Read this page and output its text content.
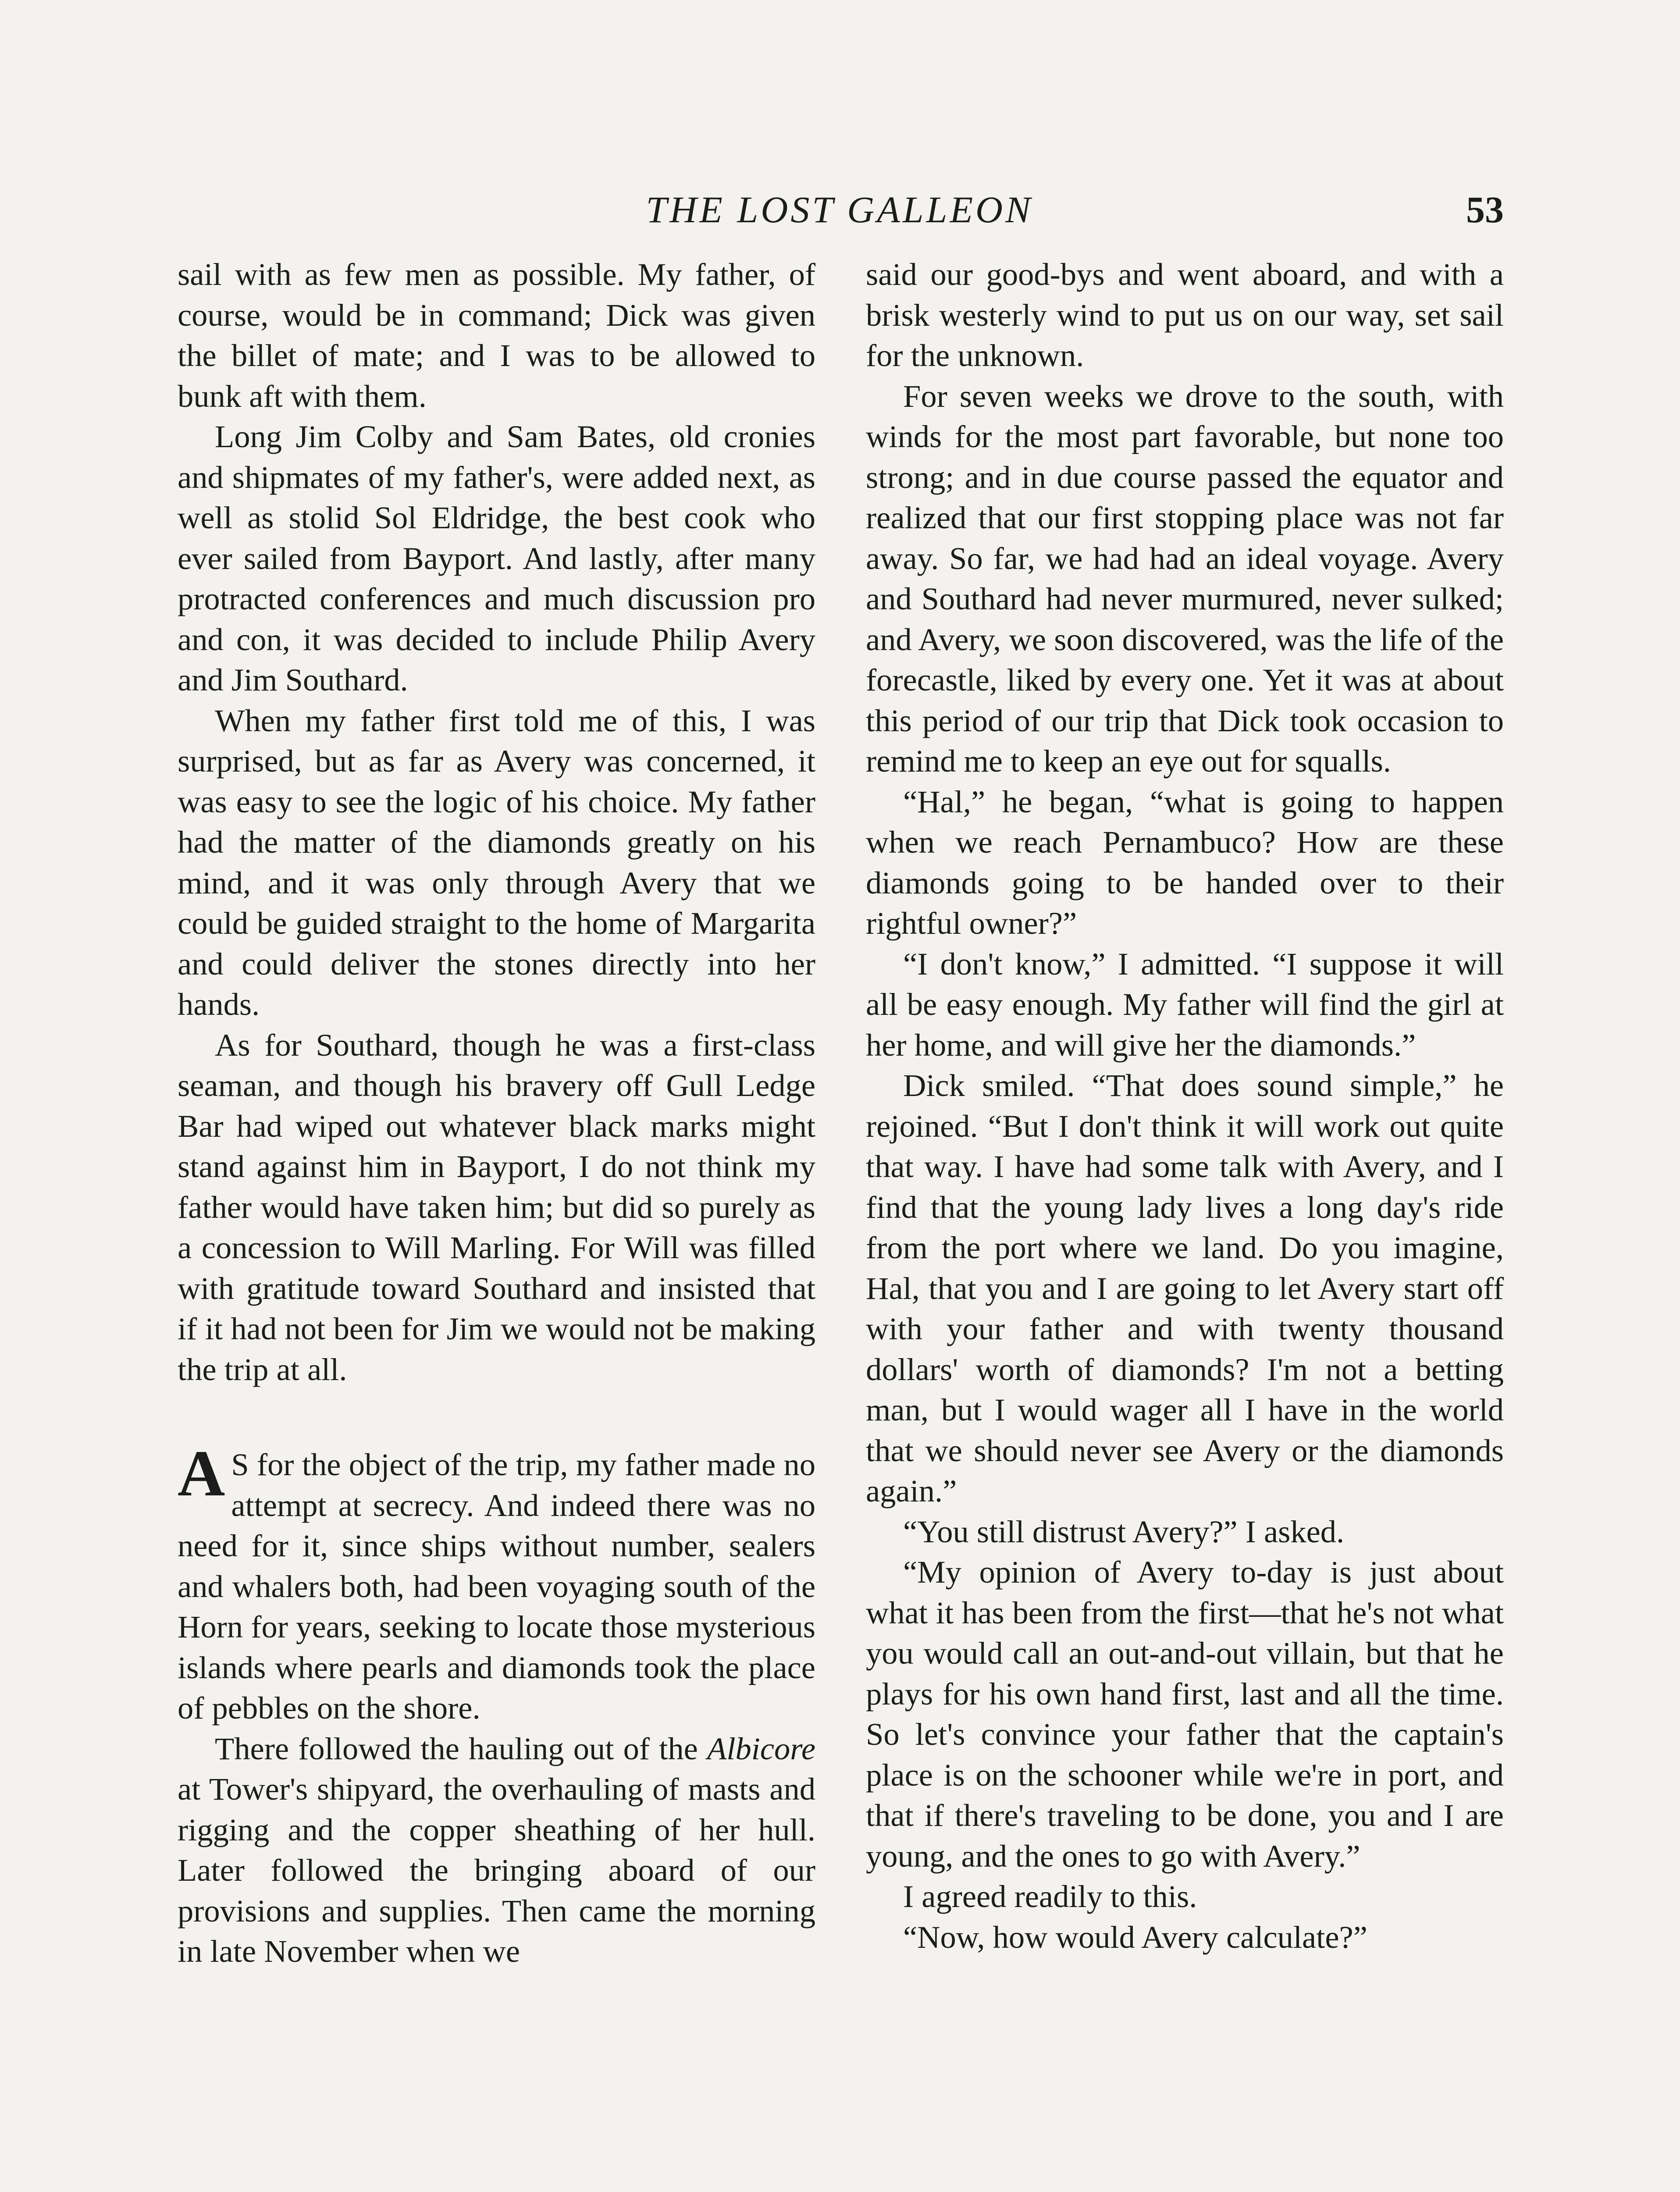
THE LOST GALLEON	53

sail with as few men as possible. My father, of course, would be in command; Dick was given the billet of mate; and I was to be allowed to bunk aft with them.

Long Jim Colby and Sam Bates, old cronies and shipmates of my father's, were added next, as well as stolid Sol Eldridge, the best cook who ever sailed from Bayport. And lastly, after many protracted conferences and much discussion pro and con, it was decided to include Philip Avery and Jim Southard.

When my father first told me of this, I was surprised, but as far as Avery was concerned, it was easy to see the logic of his choice. My father had the matter of the diamonds greatly on his mind, and it was only through Avery that we could be guided straight to the home of Margarita and could deliver the stones directly into her hands.

As for Southard, though he was a first-class seaman, and though his bravery off Gull Ledge Bar had wiped out whatever black marks might stand against him in Bayport, I do not think my father would have taken him; but did so purely as a concession to Will Marling. For Will was filled with gratitude toward Southard and insisted that if it had not been for Jim we would not be making the trip at all.

A S for the object of the trip, my father made no attempt at secrecy. And indeed there was no need for it, since ships without number, sealers and whalers both, had been voyaging south of the Horn for years, seeking to locate those mysterious islands where pearls and diamonds took the place of pebbles on the shore.

There followed the hauling out of the Albicore at Tower's shipyard, the overhauling of masts and rigging and the copper sheathing of her hull. Later followed the bringing aboard of our provisions and supplies. Then came the morning in late November when we

said our good-bys and went aboard, and with a brisk westerly wind to put us on our way, set sail for the unknown.

For seven weeks we drove to the south, with winds for the most part favorable, but none too strong; and in due course passed the equator and realized that our first stopping place was not far away. So far, we had had an ideal voyage. Avery and Southard had never murmured, never sulked; and Avery, we soon discovered, was the life of the forecastle, liked by every one. Yet it was at about this period of our trip that Dick took occasion to remind me to keep an eye out for squalls.

“Hal,” he began, “what is going to happen when we reach Pernambuco? How are these diamonds going to be handed over to their rightful owner?”

“I don't know,” I admitted. “I suppose it will all be easy enough. My father will find the girl at her home, and will give her the diamonds.”

Dick smiled. “That does sound simple,” he rejoined. “But I don't think it will work out quite that way. I have had some talk with Avery, and I find that the young lady lives a long day's ride from the port where we land. Do you imagine, Hal, that you and I are going to let Avery start off with your father and with twenty thousand dollars' worth of diamonds? I'm not a betting man, but I would wager all I have in the world that we should never see Avery or the diamonds again.”

“You still distrust Avery?” I asked.

“My opinion of Avery to-day is just about what it has been from the first—that he's not what you would call an out-and-out villain, but that he plays for his own hand first, last and all the time. So let's convince your father that the captain's place is on the schooner while we're in port, and that if there's traveling to be done, you and I are young, and the ones to go with Avery.”

I agreed readily to this.

“Now, how would Avery calculate?”
